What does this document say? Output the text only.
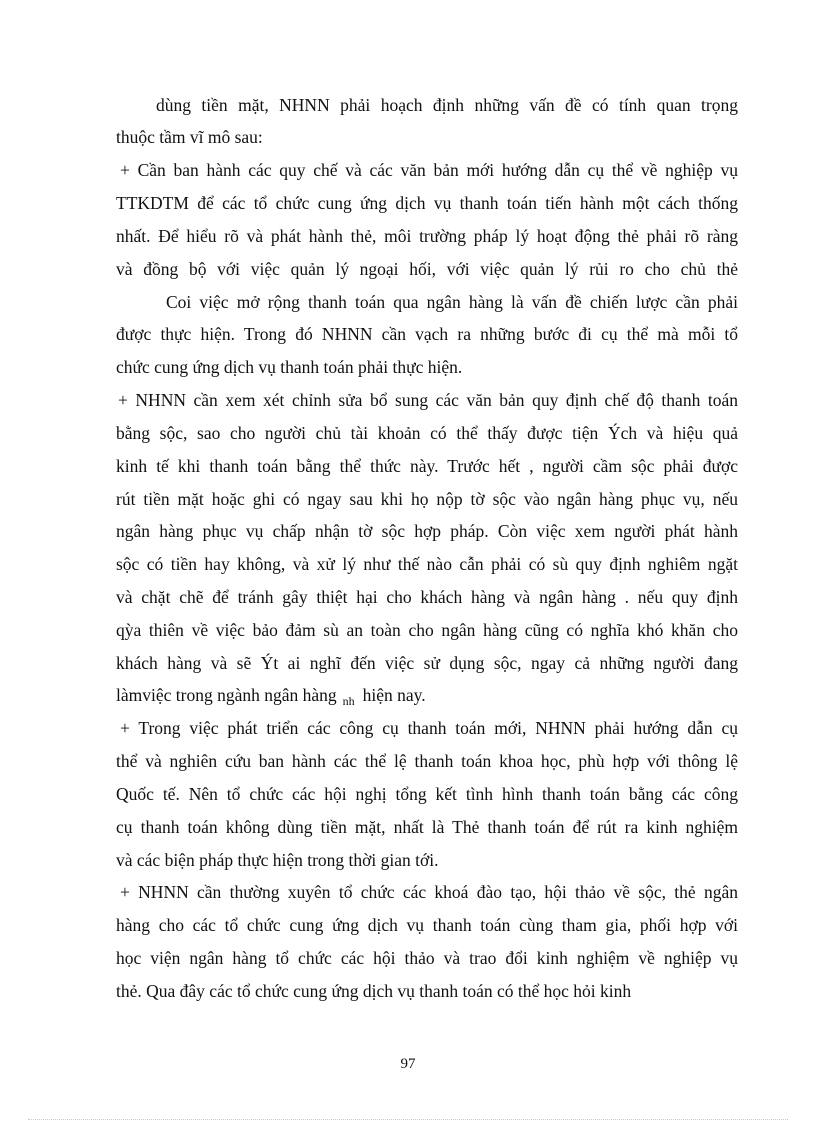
dùng tiền mặt, NHNN phải hoạch định những vấn đề có tính quan trọng
thuộc tầm vĩ mô sau:
+ Cần ban hành các quy chế và các văn bản mới hướng dẫn cụ thể về nghiệp vụ
TTKDTM để các tổ chức cung ứng dịch vụ thanh toán tiến hành một cách thống
nhất. Để hiểu rõ và phát hành thẻ, môi trường pháp lý hoạt động thẻ phải rõ ràng
và đồng bộ với việc quản lý ngoại hối, với việc quản lý rủi ro cho chủ thẻ
Coi việc mở rộng thanh toán qua ngân hàng là vấn đề chiến lược cần phải
được thực hiện. Trong đó NHNN cần vạch ra những bước đi cụ thể mà mỗi tổ
chức cung ứng dịch vụ thanh toán phải thực hiện.
+ NHNN cần xem xét chỉnh sửa bổ sung các văn bản quy định chế độ thanh toán
bằng sộc, sao cho người chủ tài khoản có thể thấy được tiện Ých và hiệu quả
kinh tế khi thanh toán bằng thể thức này. Trước hết , người cầm sộc phải được
rút tiền mặt hoặc ghi có ngay sau khi họ nộp tờ sộc vào ngân hàng phục vụ, nếu
ngân hàng phục vụ chấp nhận tờ sộc hợp pháp. Còn việc xem người phát hành
sộc có tiền hay không, và xử lý như thế nào cẫn phải có sù quy định nghiêm ngặt
và chặt chẽ để tránh gây thiệt hại cho khách hàng và ngân hàng . nếu quy định
qỳa thiên về việc bảo đảm sù an toàn cho ngân hàng cũng có nghĩa khó khăn cho
khách hàng và sẽ Ýt ai nghĩ đến việc sử dụng sộc, ngay cả những người đang
làmviệc trong ngành ngân hàng $_{nh}$ hiện nay.
+ Trong việc phát triển các công cụ thanh toán mới, NHNN phải hướng dẫn cụ
thể và nghiên cứu ban hành các thể lệ thanh toán khoa học, phù hợp với thông lệ
Quốc tế. Nên tổ chức các hội nghị tổng kết tình hình thanh toán bằng các công
cụ thanh toán không dùng tiền mặt, nhất là Thẻ thanh toán để rút ra kinh nghiệm
và các biện pháp thực hiện trong thời gian tới.
+ NHNN cần thường xuyên tổ chức các khoá đào tạo, hội thảo về sộc, thẻ ngân
hàng cho các tổ chức cung ứng dịch vụ thanh toán cùng tham gia, phối hợp với
học viện ngân hàng tổ chức các hội thảo và trao đổi kinh nghiệm về nghiệp vụ
thẻ. Qua đây các tổ chức cung ứng dịch vụ thanh toán có thể học hỏi kinh
97
